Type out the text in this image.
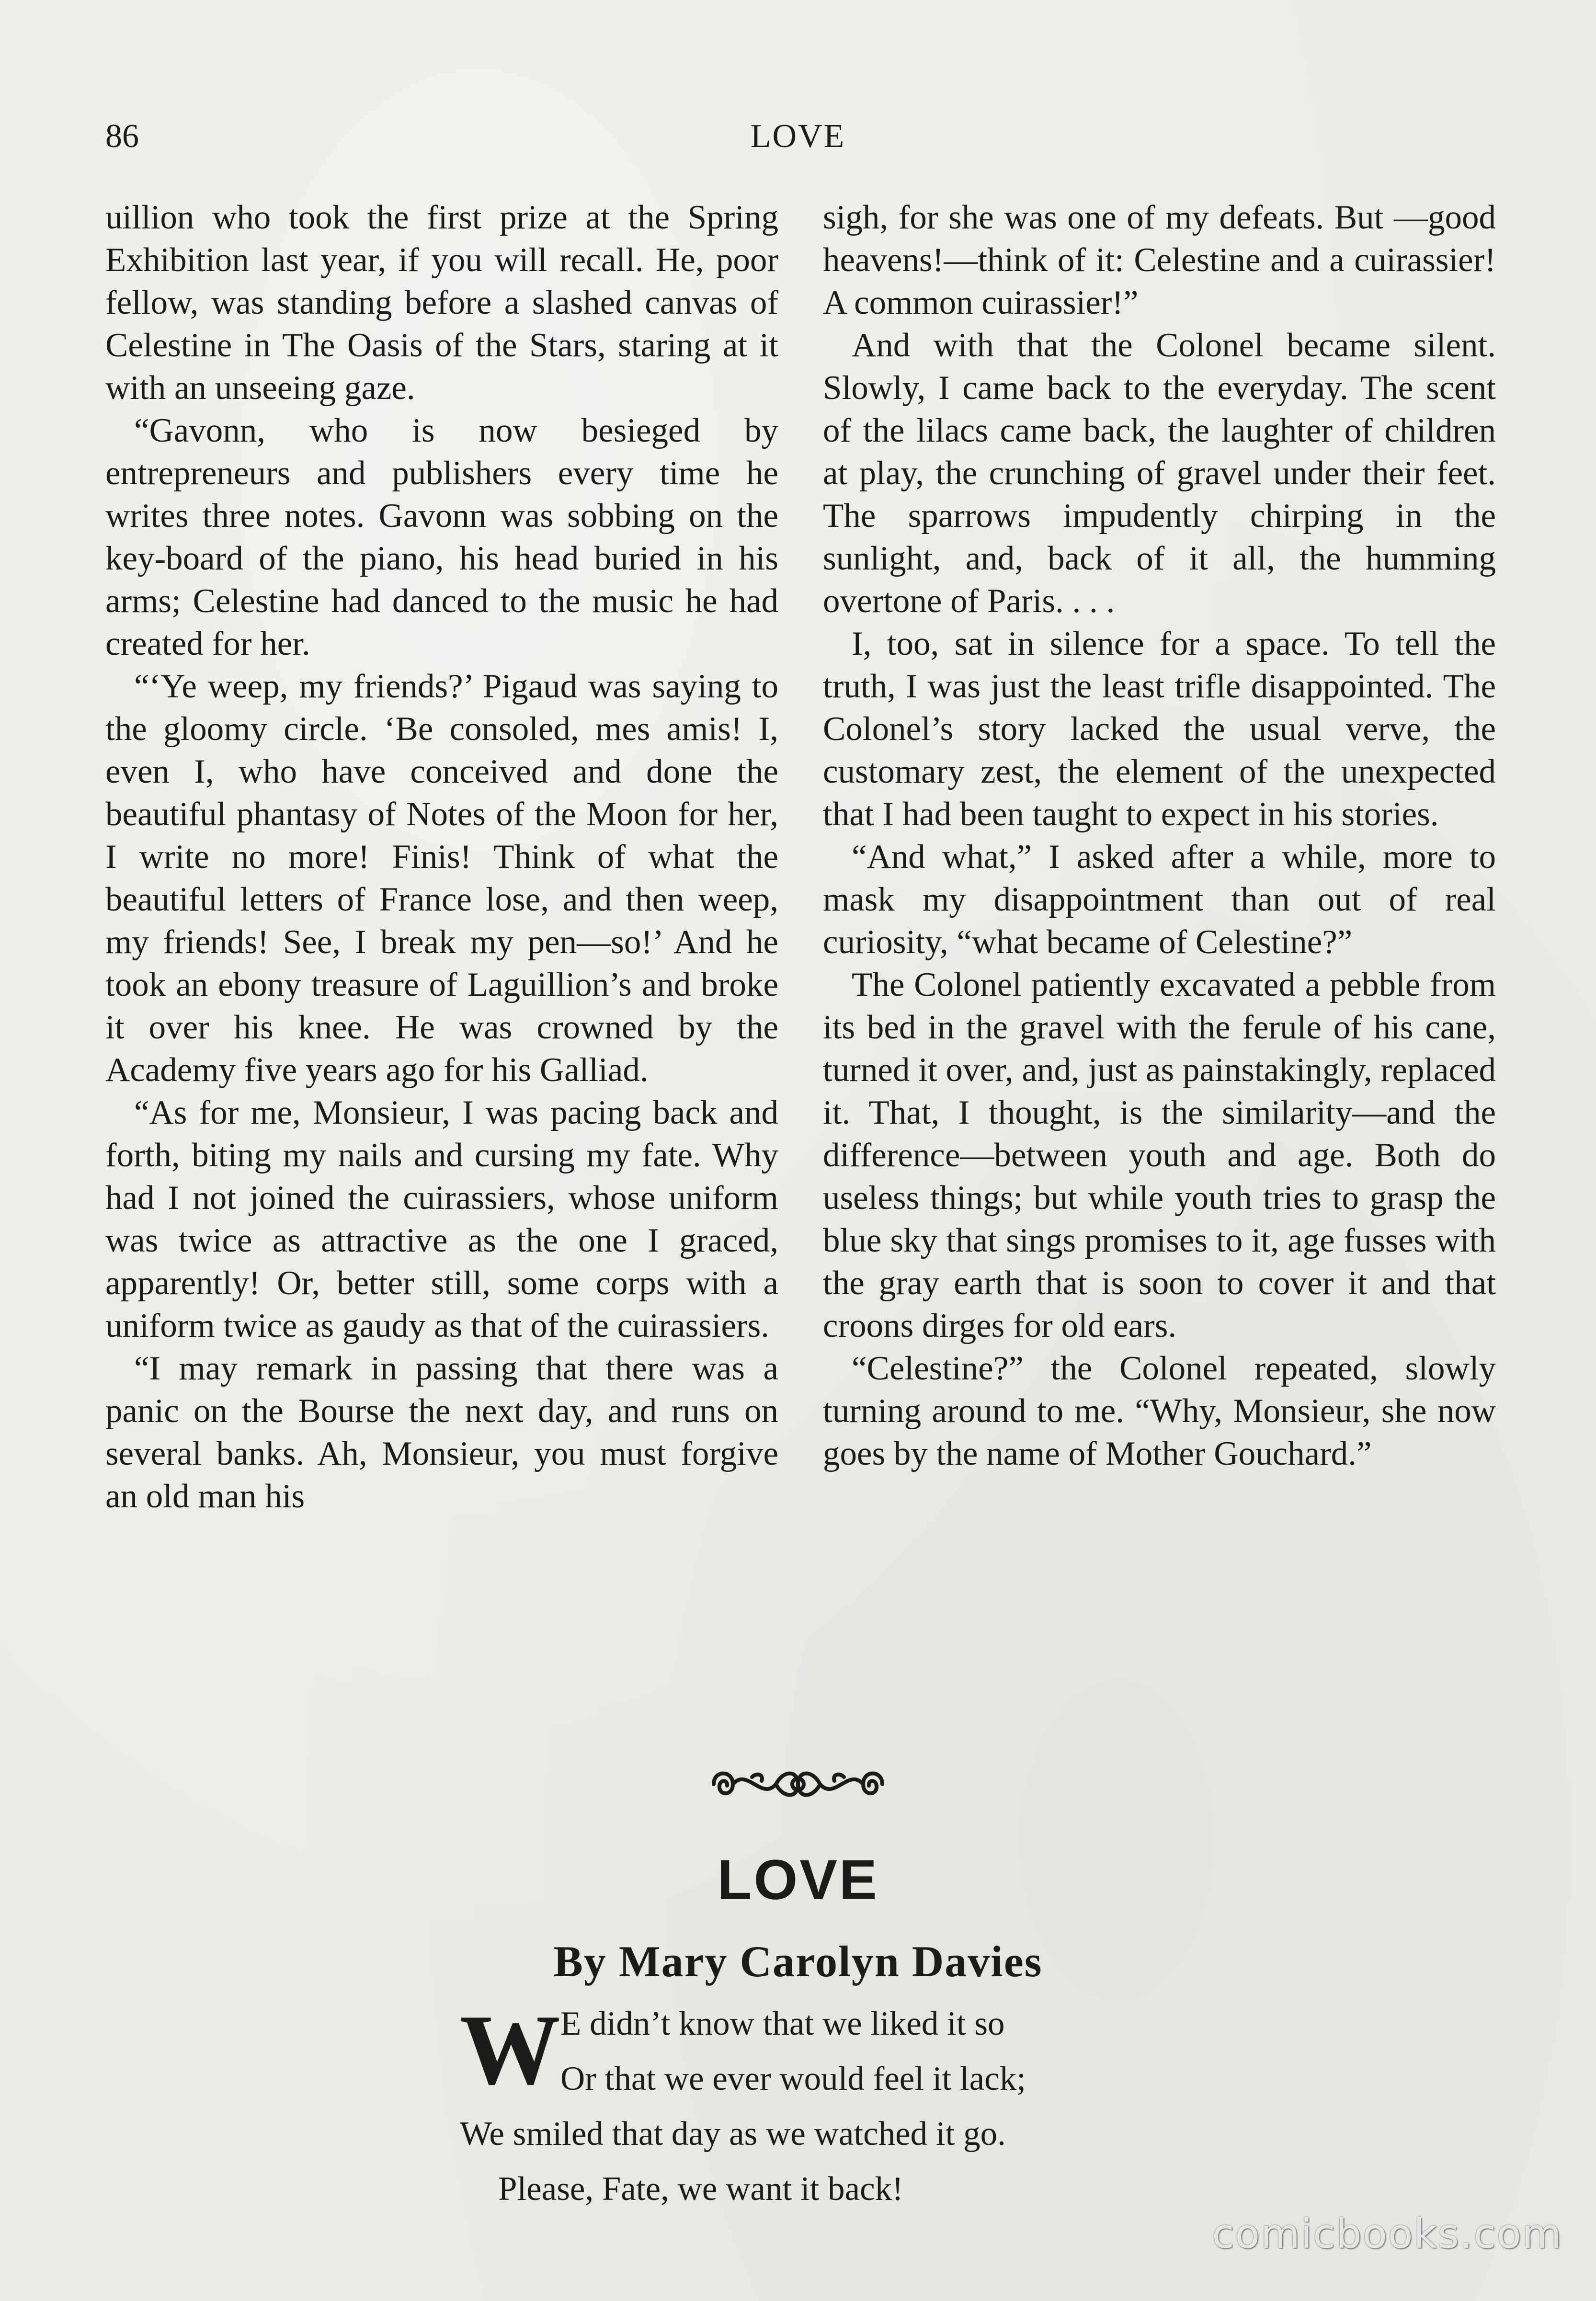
86	LOVE

uillion who took the first prize at the Spring Exhibition last year, if you will recall. He, poor fellow, was standing before a slashed canvas of Celestine in The Oasis of the Stars, staring at it with an unseeing gaze.

“Gavonn, who is now besieged by entrepreneurs and publishers every time he writes three notes. Gavonn was sobbing on the key-board of the piano, his head buried in his arms; Celestine had danced to the music he had created for her.

“‘Ye weep, my friends?’ Pigaud was saying to the gloomy circle. ‘Be consoled, mes amis! I, even I, who have conceived and done the beautiful phantasy of Notes of the Moon for her, I write no more! Finis! Think of what the beautiful letters of France lose, and then weep, my friends! See, I break my pen—so!’ And he took an ebony treasure of Laguillion’s and broke it over his knee. He was crowned by the Academy five years ago for his Galliad.

“As for me, Monsieur, I was pacing back and forth, biting my nails and cursing my fate. Why had I not joined the cuirassiers, whose uniform was twice as attractive as the one I graced, apparently! Or, better still, some corps with a uniform twice as gaudy as that of the cuirassiers.

“I may remark in passing that there was a panic on the Bourse the next day, and runs on several banks. Ah, Monsieur, you must forgive an old man his

sigh, for she was one of my defeats. But —good heavens!—think of it: Celestine and a cuirassier! A common cuirassier!”

And with that the Colonel became silent. Slowly, I came back to the everyday. The scent of the lilacs came back, the laughter of children at play, the crunching of gravel under their feet. The sparrows impudently chirping in the sunlight, and, back of it all, the humming overtone of Paris. . . .

I, too, sat in silence for a space. To tell the truth, I was just the least trifle disappointed. The Colonel’s story lacked the usual verve, the customary zest, the element of the unexpected that I had been taught to expect in his stories.

“And what,” I asked after a while, more to mask my disappointment than out of real curiosity, “what became of Celestine?”

The Colonel patiently excavated a pebble from its bed in the gravel with the ferule of his cane, turned it over, and, just as painstakingly, replaced it. That, I thought, is the similarity—and the difference—between youth and age. Both do useless things; but while youth tries to grasp the blue sky that sings promises to it, age fusses with the gray earth that is soon to cover it and that croons dirges for old ears.

“Celestine?” the Colonel repeated, slowly turning around to me. “Why, Monsieur, she now goes by the name of Mother Gouchard.”

LOVE
By Mary Carolyn Davies
W E didn’t know that we liked it so
Or that we ever would feel it lack;
We smiled that day as we watched it go.
Please, Fate, we want it back!
comicbooks.com
